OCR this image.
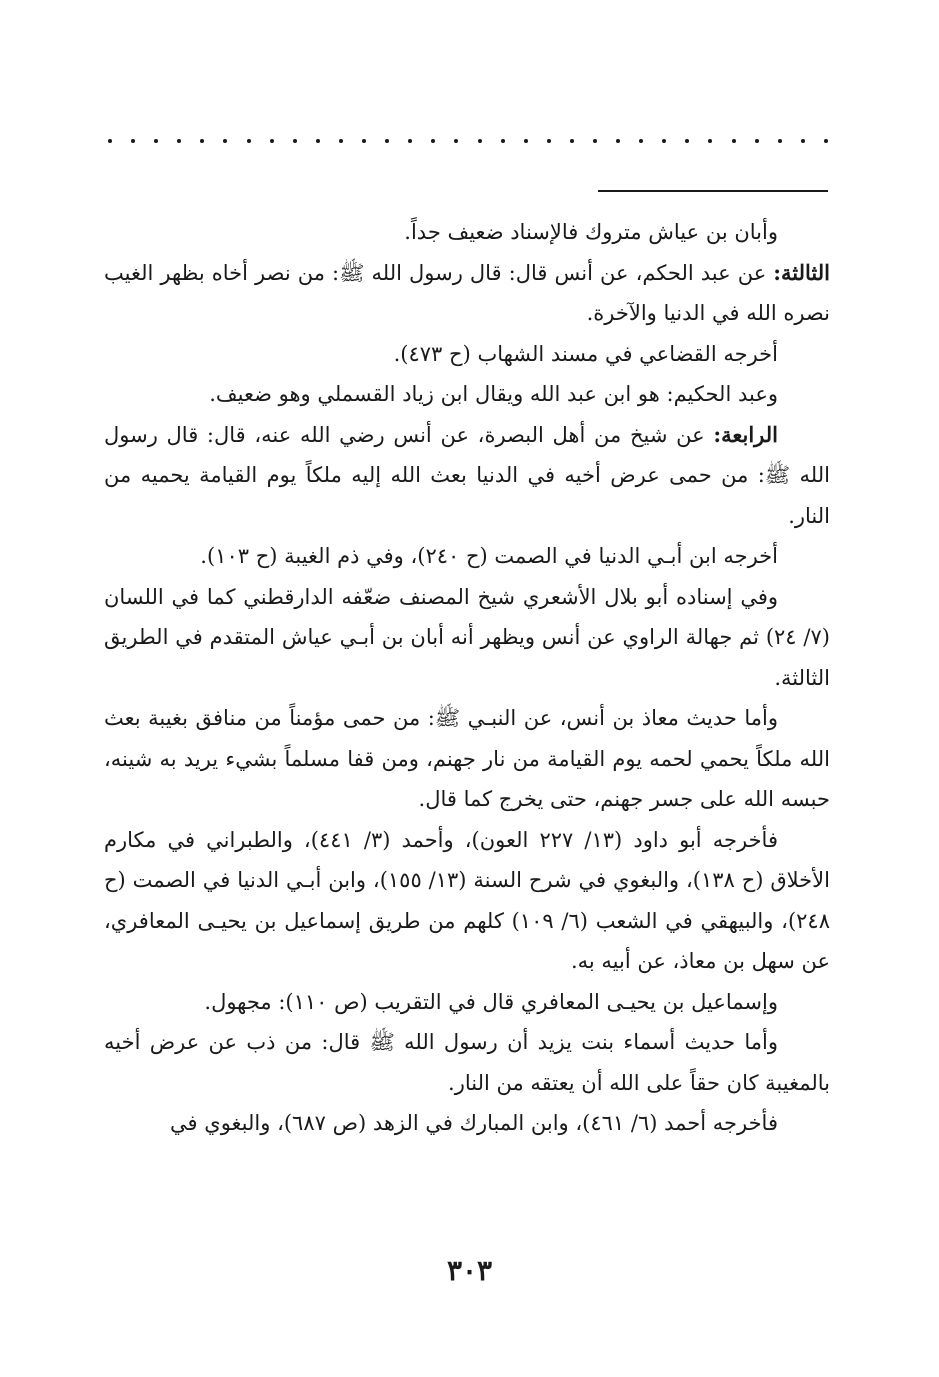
وأبان بن عياش متروك فالإسناد ضعيف جداً.

الثالثة: عن عبد الحكم، عن أنس قال: قال رسول الله ﷺ: من نصر أخاه بظهر الغيب نصره الله في الدنيا والآخرة.

أخرجه القضاعي في مسند الشهاب (ح ٤٧٣).

وعبد الحكيم: هو ابن عبد الله ويقال ابن زياد القسملي وهو ضعيف.

الرابعة: عن شيخ من أهل البصرة، عن أنس رضي الله عنه، قال: قال رسول الله ﷺ: من حمى عرض أخيه في الدنيا بعث الله إليه ملكاً يوم القيامة يحميه من النار.

أخرجه ابن أبـي الدنيا في الصمت (ح ٢٤٠)، وفي ذم الغيبة (ح ١٠٣).

وفي إسناده أبو بلال الأشعري شيخ المصنف ضعّفه الدارقطني كما في اللسان (٧/ ٢٤) ثم جهالة الراوي عن أنس ويظهر أنه أبان بن أبـي عياش المتقدم في الطريق الثالثة.

وأما حديث معاذ بن أنس، عن النبـي ﷺ: من حمى مؤمناً من منافق بغيبة بعث الله ملكاً يحمي لحمه يوم القيامة من نار جهنم، ومن قفا مسلماً بشيء يريد به شينه، حبسه الله على جسر جهنم، حتى يخرج كما قال.

فأخرجه أبو داود (١٣/ ٢٢٧ العون)، وأحمد (٣/ ٤٤١)، والطبراني في مكارم الأخلاق (ح ١٣٨)، والبغوي في شرح السنة (١٣/ ١٥٥)، وابن أبـي الدنيا في الصمت (ح ٢٤٨)، والبيهقي في الشعب (٦/ ١٠٩) كلهم من طريق إسماعيل بن يحيـى المعافري، عن سهل بن معاذ، عن أبيه به.

وإسماعيل بن يحيـى المعافري قال في التقريب (ص ١١٠): مجهول.

وأما حديث أسماء بنت يزيد أن رسول الله ﷺ قال: من ذب عن عرض أخيه بالمغيبة كان حقاً على الله أن يعتقه من النار.

فأخرجه أحمد (٦/ ٤٦١)، وابن المبارك في الزهد (ص ٦٨٧)، والبغوي في

٣٠٣
